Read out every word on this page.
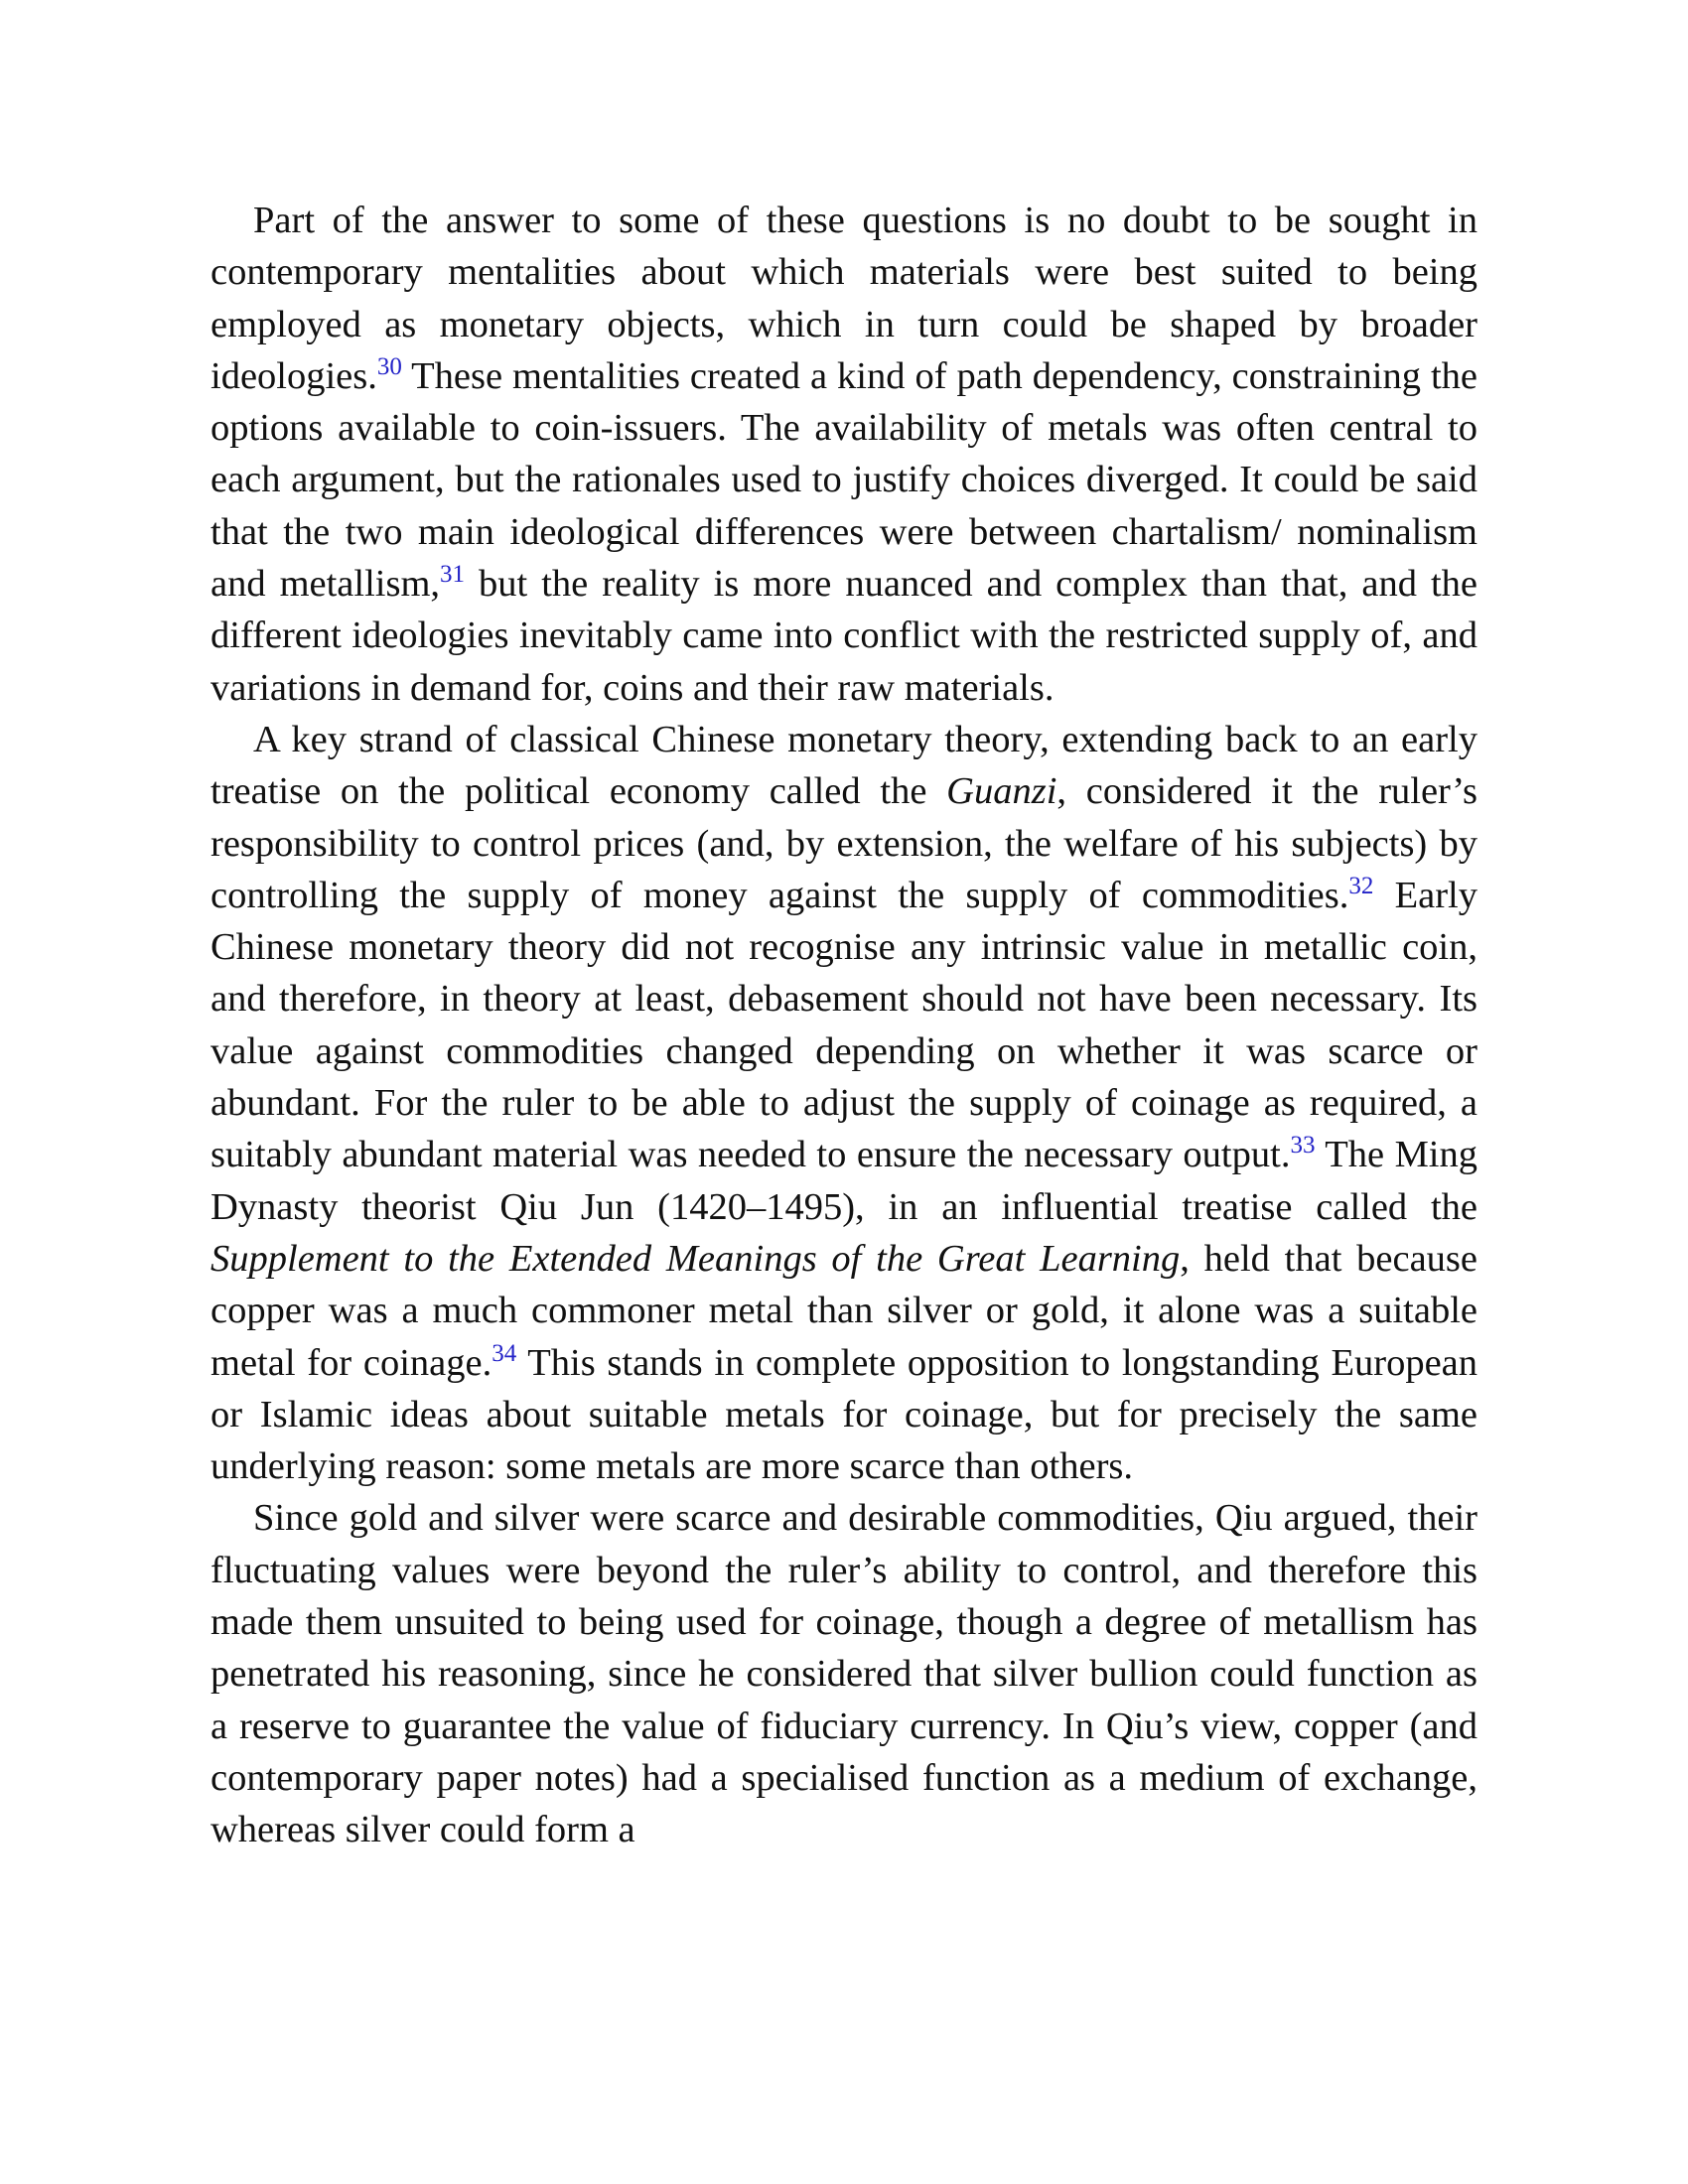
Part of the answer to some of these questions is no doubt to be sought in contemporary mentalities about which materials were best suited to being employed as monetary objects, which in turn could be shaped by broader ideologies.$^{30}$ These mentalities created a kind of path dependency, constraining the options available to coin-issuers. The availability of metals was often central to each argument, but the rationales used to justify choices diverged. It could be said that the two main ideological differences were between chartalism/ nominalism and metallism,$^{31}$ but the reality is more nuanced and complex than that, and the different ideologies inevitably came into conflict with the restricted supply of, and variations in demand for, coins and their raw materials.

A key strand of classical Chinese monetary theory, extending back to an early treatise on the political economy called the Guanzi, considered it the ruler’s responsibility to control prices (and, by extension, the welfare of his subjects) by controlling the supply of money against the supply of commodities.$^{32}$ Early Chinese monetary theory did not recognise any intrinsic value in metallic coin, and therefore, in theory at least, debasement should not have been necessary. Its value against commodities changed depending on whether it was scarce or abundant. For the ruler to be able to adjust the supply of coinage as required, a suitably abundant material was needed to ensure the necessary output.$^{33}$ The Ming Dynasty theorist Qiu Jun (1420–1495), in an influential treatise called the Supplement to the Extended Meanings of the Great Learning, held that because copper was a much commoner metal than silver or gold, it alone was a suitable metal for coinage.$^{34}$ This stands in complete opposition to longstanding European or Islamic ideas about suitable metals for coinage, but for precisely the same underlying reason: some metals are more scarce than others.

Since gold and silver were scarce and desirable commodities, Qiu argued, their fluctuating values were beyond the ruler’s ability to control, and therefore this made them unsuited to being used for coinage, though a degree of metallism has penetrated his reasoning, since he considered that silver bullion could function as a reserve to guarantee the value of fiduciary currency. In Qiu’s view, copper (and contemporary paper notes) had a specialised function as a medium of exchange, whereas silver could form a
